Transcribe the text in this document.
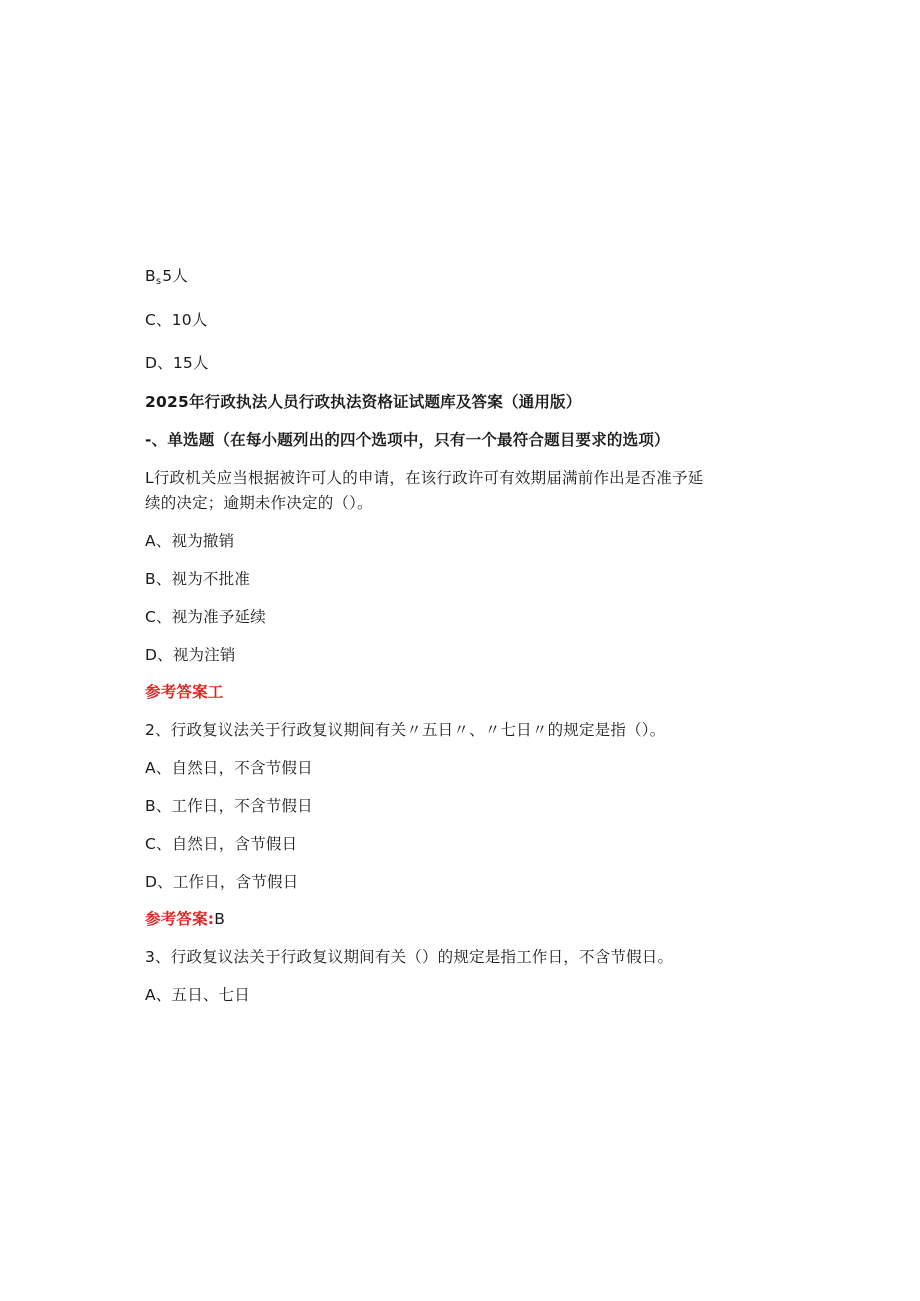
Bs5人
C、10人
D、15人
2025年行政执法人员行政执法资格证试题库及答案（通用版）
-、单选题（在每小题列出的四个选项中，只有一个最符合题目要求的选项）
L行政机关应当根据被许可人的申请，在该行政许可有效期届满前作出是否准予延
续的决定；逾期未作决定的（）。
A、视为撤销
B、视为不批准
C、视为准予延续
D、视为注销
参考答案工
2、行政复议法关于行政复议期间有关〃五日〃、〃七日〃的规定是指（）。
A、自然日，不含节假日
B、工作日，不含节假日
C、自然日，含节假日
D、工作日，含节假日
参考答案:B
3、行政复议法关于行政复议期间有关（）的规定是指工作日，不含节假日。
A、五日、七日
